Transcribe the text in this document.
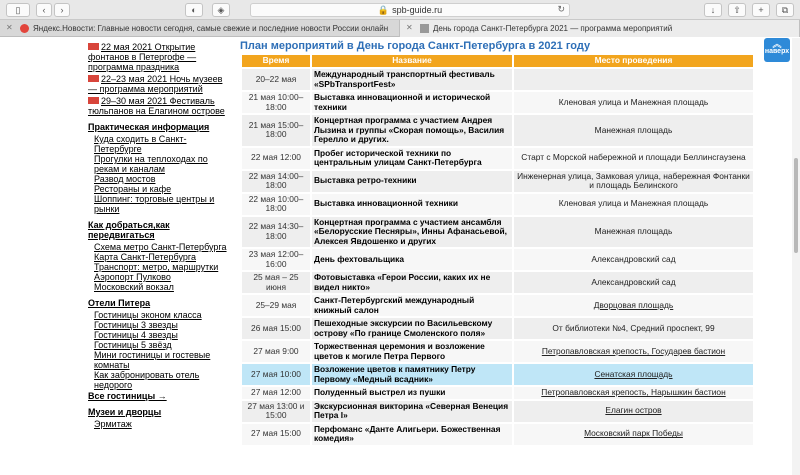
▯	‹	›	◐	◈	🔒 spb-guide.ru	↻	↓	⇧	+	⧉
✕	Яндекс.Новости: Главные новости сегодня, самые свежие и последние новости России онлайн ✕	День города Санкт-Петербурга 2021 — программа мероприятий
22 мая 2021 Открытие фонтанов в Петергофе — программа праздника
22–23 мая 2021 Ночь музеев — программа мероприятий
29–30 мая 2021 Фестиваль тюльпанов на Елагином острове
Практическая информация
Куда сходить в Санкт-Петербурге
Прогулки на теплоходах по рекам и каналам
Развод мостов
Рестораны и кафе
Шоппинг: торговые центры и рынки
Как добраться,как передвигаться
Схема метро Санкт-Петербурга
Карта Санкт-Петербурга
Транспорт: метро, маршрутки
Аэропорт Пулково
Московский вокзал
Отели Питера
Гостиницы эконом класса
Гостиницы 3 звезды
Гостиницы 4 звезды
Гостиницы 5 звёзд
Мини гостиницы и гостевые комнаты
Как забронировать отель недорого
Все гостиницы →
Музеи и дворцы
Эрмитаж
План мероприятий в День города Санкт-Петербурга в 2021 году
Время	Название	Место проведения
20–22 мая	Международный транспортный фестиваль «SPbTransportFest»	
21 мая 10:00–18:00	Выставка инновационной и исторической техники	Кленовая улица и Манежная площадь
21 мая 15:00–18:00	Концертная программа с участием Андрея Лызина и группы «Скорая помощь», Василия Герелло и других.	Манежная площадь
22 мая 12:00	Пробег исторической техники по центральным улицам Санкт-Петербурга	Старт с Морской набережной и площади Беллинсгаузена
22 мая 14:00–18:00	Выставка ретро-техники	Инженерная улица, Замковая улица, набережная Фонтанки и площадь Белинского
22 мая 10:00–18:00	Выставка инновационной техники	Кленовая улица и Манежная площадь
22 мая 14:30–18:00	Концертная программа с участием ансамбля «Белорусские Песняры», Инны Афанасьевой, Алексея Явдошенко и других	Манежная площадь
23 мая 12:00–16:00	День фехтовальщика	Александровский сад
25 мая – 25 июня	Фотовыставка «Герои России, каких их не видел никто»	Александровский сад
25–29 мая	Санкт-Петербургский международный книжный салон	Дворцовая площадь
26 мая 15:00	Пешеходные экскурсии по Васильевскому острову «По границе Смоленского поля»	От библиотеки №4, Средний проспект, 99
27 мая 9:00	Торжественная церемония и возложение цветов к могиле Петра Первого	Петропавловская крепость, Государев бастион
27 мая 10:00	Возложение цветов к памятнику Петру Первому «Медный всадник»	Сенатская площадь
27 мая 12:00	Полуденный выстрел из пушки	Петропавловская крепость, Нарышкин бастион
27 мая 13:00 и 15:00	Экскурсионная викторина «Северная Венеция Петра I»	Елагин остров
27 мая 15:00	Перфоманс «Данте Алигьери. Божественная комедия»	Московский парк Победы
︽
наверх
